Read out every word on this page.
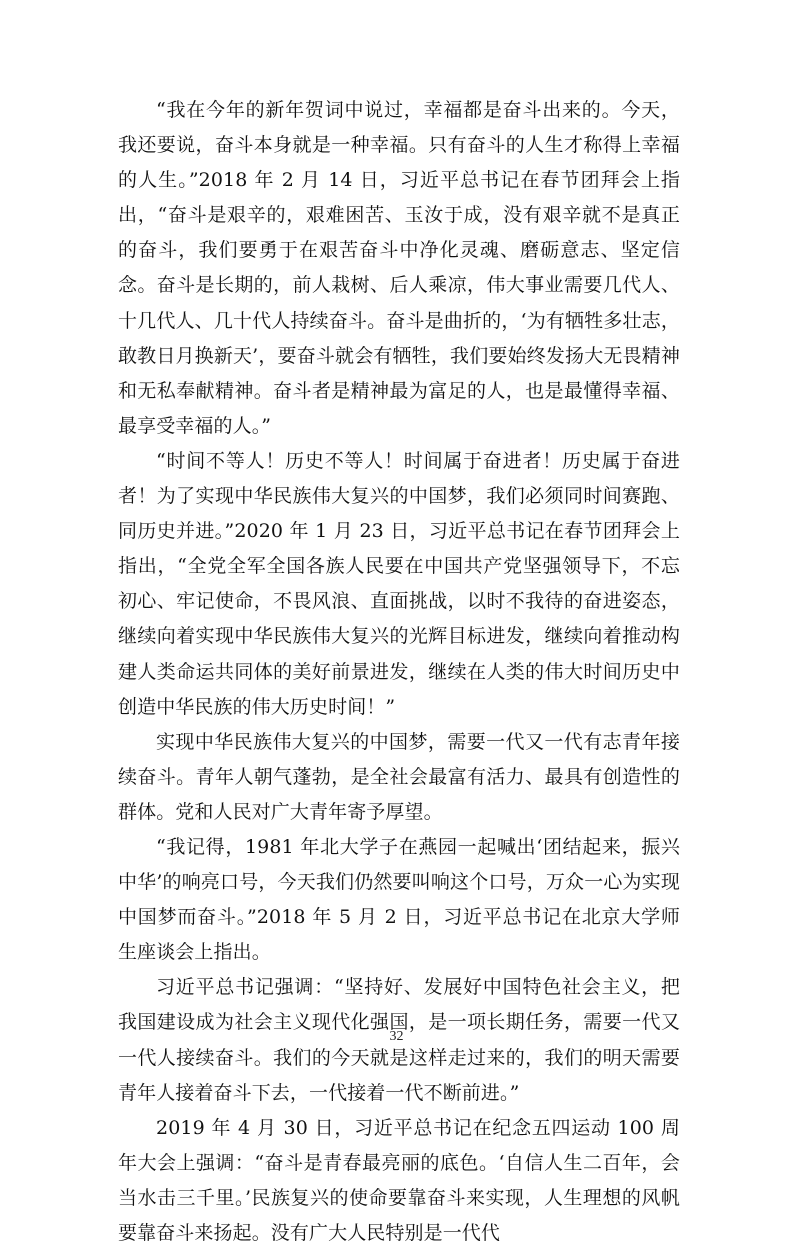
“我在今年的新年贺词中说过，幸福都是奋斗出来的。今天，我还要说，奋斗本身就是一种幸福。只有奋斗的人生才称得上幸福的人生。”2018 年 2 月 14 日，习近平总书记在春节团拜会上指出，“奋斗是艰辛的，艰难困苦、玉汝于成，没有艰辛就不是真正的奋斗，我们要勇于在艰苦奋斗中净化灵魂、磨砺意志、坚定信念。奋斗是长期的，前人栽树、后人乘凉，伟大事业需要几代人、十几代人、几十代人持续奋斗。奋斗是曲折的，‘为有牺牲多壮志，敢教日月换新天’，要奋斗就会有牺牲，我们要始终发扬大无畏精神和无私奉献精神。奋斗者是精神最为富足的人，也是最懂得幸福、最享受幸福的人。”

“时间不等人！历史不等人！时间属于奋进者！历史属于奋进者！为了实现中华民族伟大复兴的中国梦，我们必须同时间赛跑、同历史并进。”2020 年 1 月 23 日，习近平总书记在春节团拜会上指出，“全党全军全国各族人民要在中国共产党坚强领导下，不忘初心、牢记使命，不畏风浪、直面挑战，以时不我待的奋进姿态，继续向着实现中华民族伟大复兴的光辉目标进发，继续向着推动构建人类命运共同体的美好前景进发，继续在人类的伟大时间历史中创造中华民族的伟大历史时间！”

实现中华民族伟大复兴的中国梦，需要一代又一代有志青年接续奋斗。青年人朝气蓬勃，是全社会最富有活力、最具有创造性的群体。党和人民对广大青年寄予厚望。

“我记得，1981 年北大学子在燕园一起喊出‘团结起来，振兴中华’的响亮口号，今天我们仍然要叫响这个口号，万众一心为实现中国梦而奋斗。”2018 年 5 月 2 日，习近平总书记在北京大学师生座谈会上指出。

习近平总书记强调：“坚持好、发展好中国特色社会主义，把我国建设成为社会主义现代化强国，是一项长期任务，需要一代又一代人接续奋斗。我们的今天就是这样走过来的，我们的明天需要青年人接着奋斗下去，一代接着一代不断前进。”

2019 年 4 月 30 日，习近平总书记在纪念五四运动 100 周年大会上强调：“奋斗是青春最亮丽的底色。‘自信人生二百年，会当水击三千里。’民族复兴的使命要靠奋斗来实现，人生理想的风帆要靠奋斗来扬起。没有广大人民特别是一代代

32
